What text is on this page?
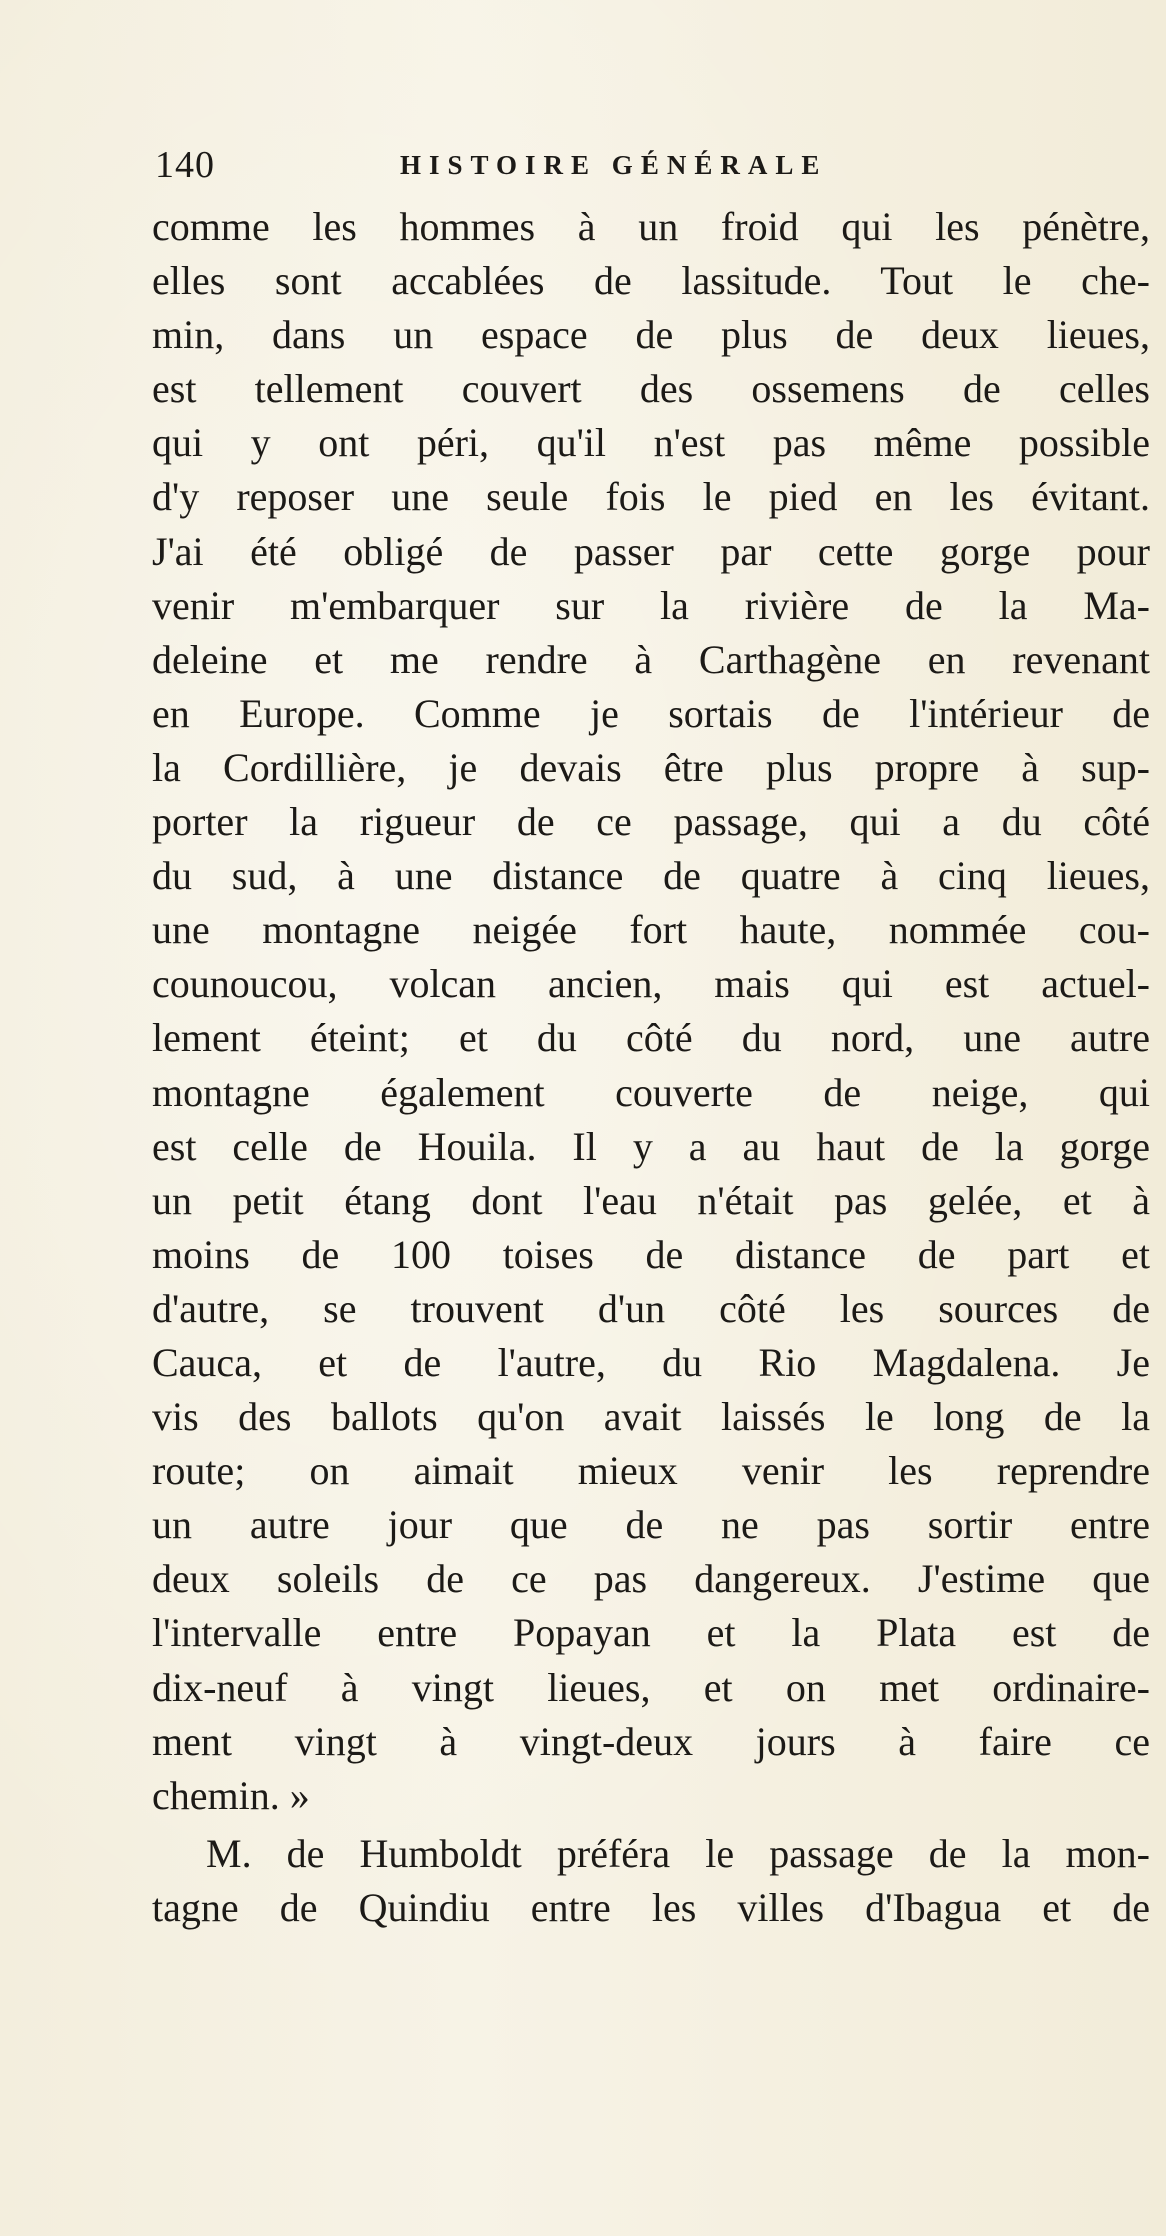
140	HISTOIRE GÉNÉRALE
comme les hommes à un froid qui les pénètre,
elles sont accablées de lassitude. Tout le che-
min, dans un espace de plus de deux lieues,
est tellement couvert des ossemens de celles
qui y ont péri, qu'il n'est pas même possible
d'y reposer une seule fois le pied en les évitant.
J'ai été obligé de passer par cette gorge pour
venir m'embarquer sur la rivière de la Ma-
deleine et me rendre à Carthagène en revenant
en Europe. Comme je sortais de l'intérieur de
la Cordillière, je devais être plus propre à sup-
porter la rigueur de ce passage, qui a du côté
du sud, à une distance de quatre à cinq lieues,
une montagne neigée fort haute, nommée cou-
counoucou, volcan ancien, mais qui est actuel-
lement éteint; et du côté du nord, une autre
montagne également couverte de neige, qui
est celle de Houila. Il y a au haut de la gorge
un petit étang dont l'eau n'était pas gelée, et à
moins de 100 toises de distance de part et
d'autre, se trouvent d'un côté les sources de
Cauca, et de l'autre, du Rio Magdalena. Je
vis des ballots qu'on avait laissés le long de la
route; on aimait mieux venir les reprendre
un autre jour que de ne pas sortir entre
deux soleils de ce pas dangereux. J'estime que
l'intervalle entre Popayan et la Plata est de
dix-neuf à vingt lieues, et on met ordinaire-
ment vingt à vingt-deux jours à faire ce
chemin. »
M. de Humboldt préféra le passage de la mon-
tagne de Quindiu entre les villes d'Ibagua et de
